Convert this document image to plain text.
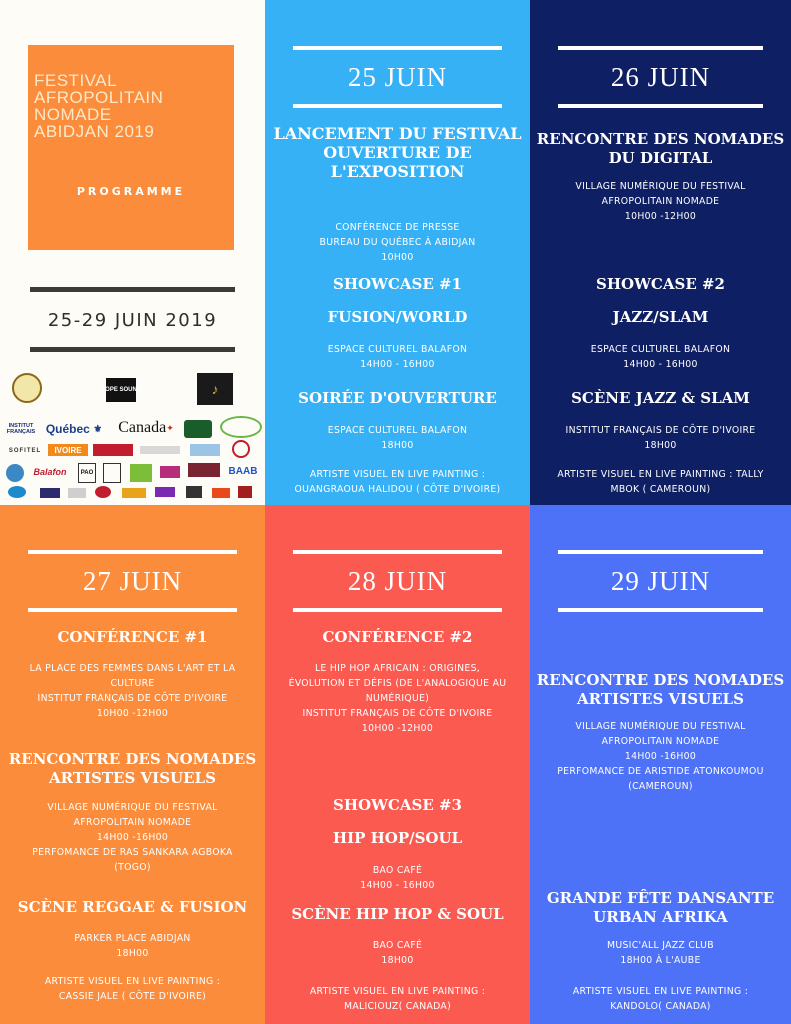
FESTIVAL
AFROPOLITAIN
NOMADE
ABIDJAN 2019
PROGRAMME
25-29 JUIN 2019
DOPE SOUND	♪
INSTITUT FRANÇAIS Québec
⚜ Canada ✦
SOFITEL	IVOIRE
Balafon	PAO	BAAB
25 JUIN
LANCEMENT DU FESTIVAL
OUVERTURE DE
L'EXPOSITION
CONFÉRENCE DE PRESSE
BUREAU DU QUÉBEC À ABIDJAN
10H00
SHOWCASE #1
FUSION/WORLD
ESPACE CULTUREL BALAFON
14H00 - 16H00
SOIRÉE D'OUVERTURE
ESPACE CULTUREL BALAFON
18H00
ARTISTE VISUEL EN LIVE PAINTING :
OUANGRAOUA HALIDOU ( CÔTE D'IVOIRE)
26 JUIN
RENCONTRE DES NOMADES
DU DIGITAL
VILLAGE NUMÉRIQUE DU FESTIVAL
AFROPOLITAIN NOMADE
10H00 -12H00
SHOWCASE #2
JAZZ/SLAM
ESPACE CULTUREL BALAFON
14H00 - 16H00
SCÈNE JAZZ & SLAM
INSTITUT FRANÇAIS DE CÔTE D'IVOIRE
18H00
ARTISTE VISUEL EN LIVE PAINTING : TALLY
MBOK ( CAMEROUN)
27 JUIN
CONFÉRENCE #1
LA PLACE DES FEMMES DANS L'ART ET LA
CULTURE
INSTITUT FRANÇAIS DE CÔTE D'IVOIRE
10H00 -12H00
RENCONTRE DES NOMADES
ARTISTES VISUELS
VILLAGE NUMÉRIQUE DU FESTIVAL
AFROPOLITAIN NOMADE
14H00 -16H00
PERFOMANCE DE RAS SANKARA AGBOKA
(TOGO)
SCÈNE REGGAE & FUSION
PARKER PLACE ABIDJAN
18H00
ARTISTE VISUEL EN LIVE PAINTING :
CASSIE JALE ( CÔTE D'IVOIRE)
28 JUIN
CONFÉRENCE #2
LE HIP HOP AFRICAIN : ORIGINES,
ÉVOLUTION ET DÉFIS (DE L'ANALOGIQUE AU
NUMÉRIQUE)
INSTITUT FRANÇAIS DE CÔTE D'IVOIRE
10H00 -12H00
SHOWCASE #3
HIP HOP/SOUL
BAO CAFÉ
14H00 - 16H00
SCÈNE HIP HOP & SOUL
BAO CAFÉ
18H00
ARTISTE VISUEL EN LIVE PAINTING :
MALICIOUZ( CANADA)
29 JUIN
RENCONTRE DES NOMADES
ARTISTES VISUELS
VILLAGE NUMÉRIQUE DU FESTIVAL
AFROPOLITAIN NOMADE
14H00 -16H00
PERFOMANCE DE ARISTIDE ATONKOUMOU
(CAMEROUN)
GRANDE FÊTE DANSANTE
URBAN AFRIKA
MUSIC'ALL JAZZ CLUB
18H00 À L'AUBE
ARTISTE VISUEL EN LIVE PAINTING :
KANDOLO( CANADA)
